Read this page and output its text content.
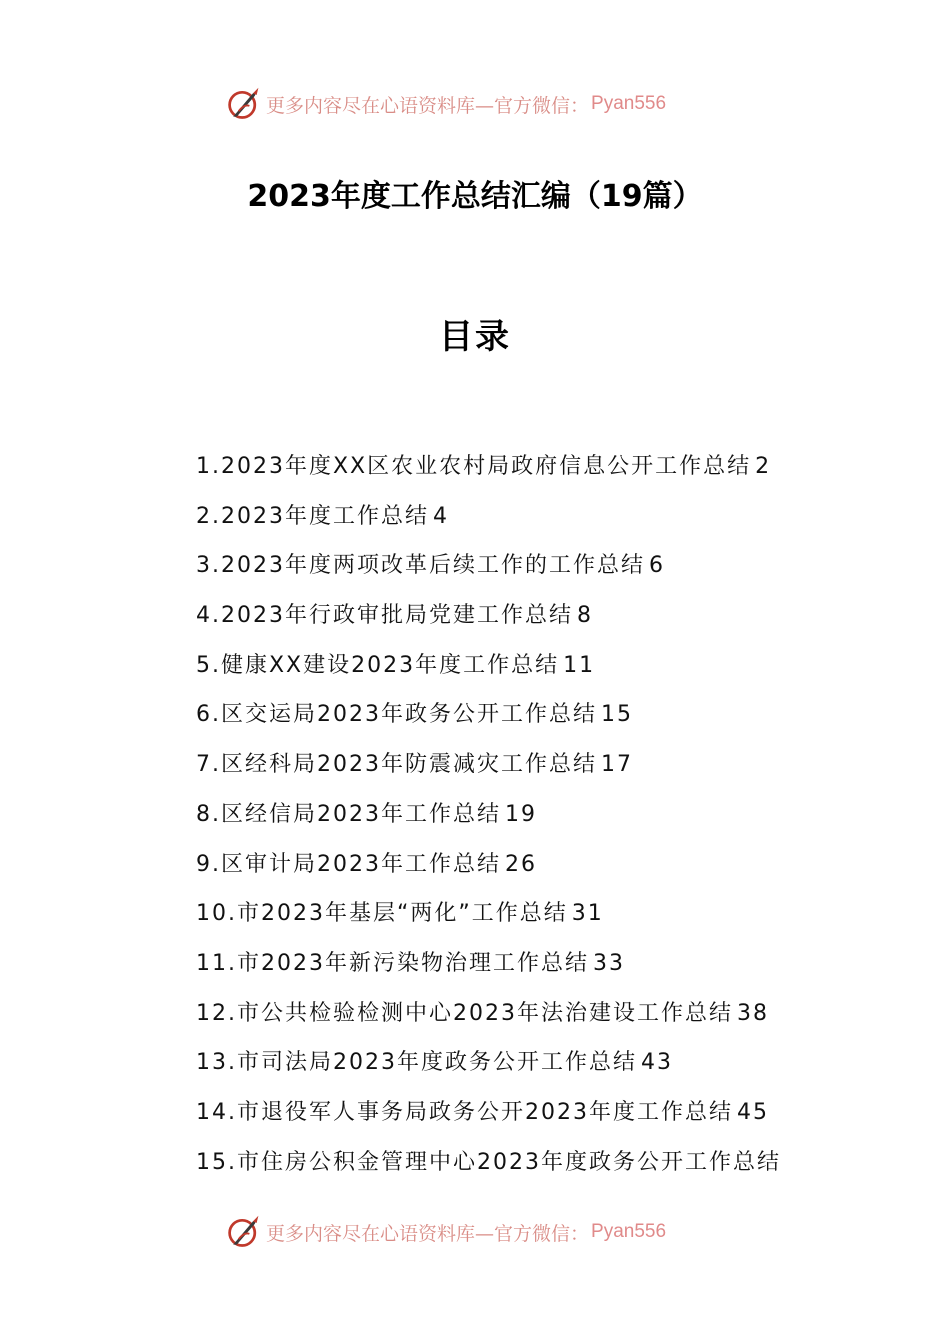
更多内容尽在心语资料库—官方微信： Pyan556
2023年度工作总结汇编（19篇）
目录
1.2023年度XX区农业农村局政府信息公开工作总结 2
2.2023年度工作总结 4
3.2023年度两项改革后续工作的工作总结 6
4.2023年行政审批局党建工作总结 8
5.健康XX建设2023年度工作总结 11
6.区交运局2023年政务公开工作总结 15
7.区经科局2023年防震减灾工作总结 17
8.区经信局2023年工作总结 19
9.区审计局2023年工作总结 26
10.市2023年基层“两化”工作总结 31
11.市2023年新污染物治理工作总结 33
12.市公共检验检测中心2023年法治建设工作总结 38
13.市司法局2023年度政务公开工作总结 43
14.市退役军人事务局政务公开2023年度工作总结 45
15.市住房公积金管理中心2023年度政务公开工作总结
更多内容尽在心语资料库—官方微信： Pyan556
